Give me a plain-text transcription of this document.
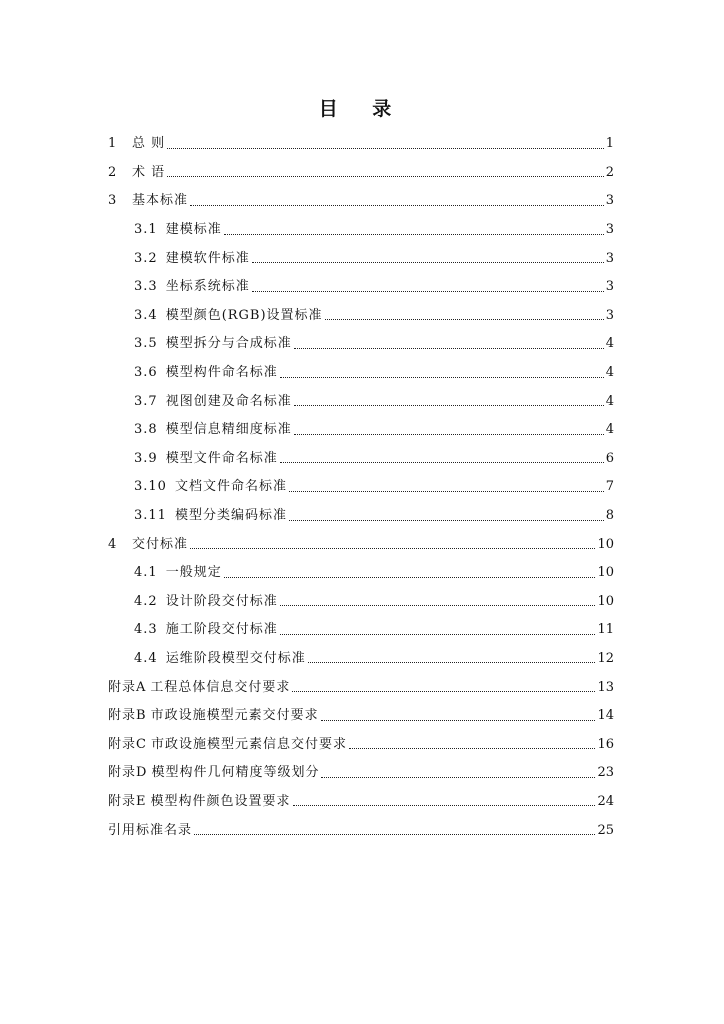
目 录
1	总 则	1
2	术 语	2
3	基本标准	3
3.1 建模标准	3
3.2 建模软件标准	3
3.3 坐标系统标准	3
3.4 模型颜色(RGB)设置标准	3
3.5 模型拆分与合成标准	4
3.6 模型构件命名标准	4
3.7 视图创建及命名标准	4
3.8 模型信息精细度标准	4
3.9 模型文件命名标准	6
3.10 文档文件命名标准	7
3.11 模型分类编码标准	8
4	交付标准	10
4.1 一般规定	10
4.2 设计阶段交付标准	10
4.3 施工阶段交付标准	11
4.4 运维阶段模型交付标准	12
附录A 工程总体信息交付要求	13
附录B 市政设施模型元素交付要求	14
附录C 市政设施模型元素信息交付要求	16
附录D 模型构件几何精度等级划分	23
附录E 模型构件颜色设置要求	24
引用标准名录	25
